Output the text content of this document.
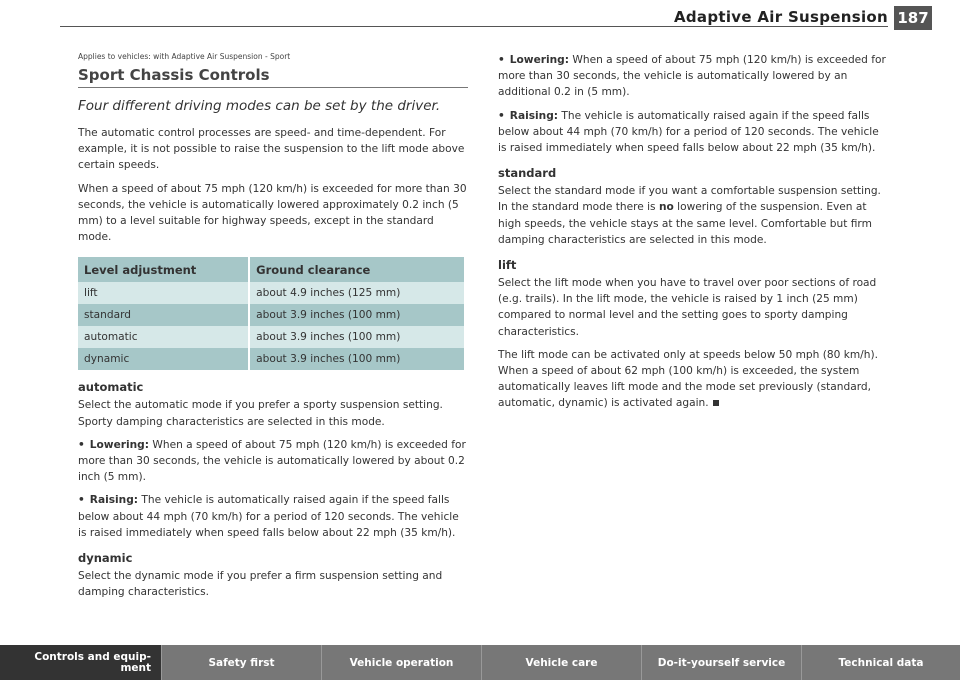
Adaptive Air Suspension 187
Applies to vehicles: with Adaptive Air Suspension - Sport
Sport Chassis Controls
Four different driving modes can be set by the driver.

The automatic control processes are speed- and time-dependent. For example, it is not possible to raise the suspension to the lift mode above certain speeds.

When a speed of about 75 mph (120 km/h) is exceeded for more than 30 seconds, the vehicle is automatically lowered approximately 0.2 inch (5 mm) to a level suitable for highway speeds, except in the standard mode.

Level adjustment	Ground clearance
lift	about 4.9 inches (125 mm)
standard	about 3.9 inches (100 mm)
automatic	about 3.9 inches (100 mm)
dynamic	about 3.9 inches (100 mm)
automatic

Select the automatic mode if you prefer a sporty suspension setting. Sporty damping characteristics are selected in this mode.

• Lowering: When a speed of about 75 mph (120 km/h) is exceeded for more than 30 seconds, the vehicle is automatically lowered by about 0.2 inch (5 mm).
• Raising: The vehicle is automatically raised again if the speed falls below about 44 mph (70 km/h) for a period of 120 seconds. The vehicle is raised immediately when speed falls below about 22 mph (35 km/h).
dynamic

Select the dynamic mode if you prefer a firm suspension setting and damping characteristics.

• Lowering: When a speed of about 75 mph (120 km/h) is exceeded for more than 30 seconds, the vehicle is automatically lowered by an additional 0.2 in (5 mm).
• Raising: The vehicle is automatically raised again if the speed falls below about 44 mph (70 km/h) for a period of 120 seconds. The vehicle is raised immediately when speed falls below about 22 mph (35 km/h).
standard

Select the standard mode if you want a comfortable suspension setting. In the standard mode there is no lowering of the suspension. Even at high speeds, the vehicle stays at the same level. Comfortable but firm damping characteristics are selected in this mode.

lift

Select the lift mode when you have to travel over poor sections of road (e.g. trails). In the lift mode, the vehicle is raised by 1 inch (25 mm) compared to normal level and the setting goes to sporty damping characteristics.

The lift mode can be activated only at speeds below 50 mph (80 km/h). When a speed of about 62 mph (100 km/h) is exceeded, the system automatically leaves lift mode and the mode set previously (standard, automatic, dynamic) is activated again.

Controls and equip-
ment	Safety first	Vehicle operation	Vehicle care	Do-it-yourself service	Technical data
